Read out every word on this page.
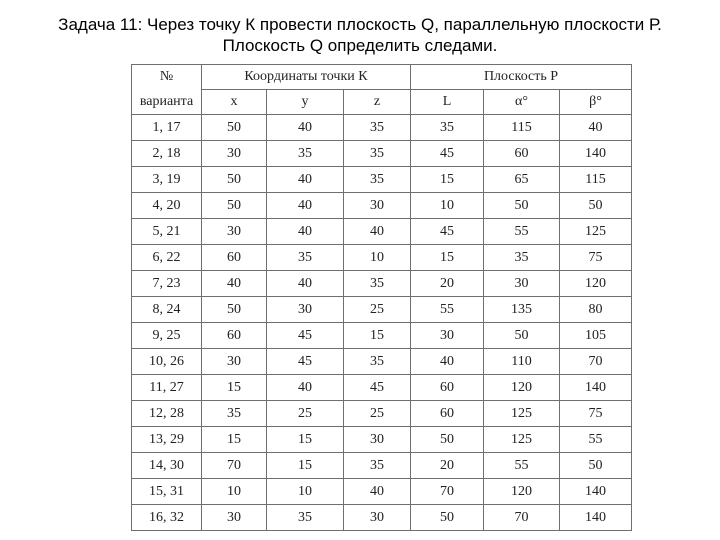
Задача 11: Через точку К провести плоскость Q, параллельную плоскости Р.
Плоскость Q определить следами.
№	Координаты точки К			Плоскость Р		
варианта	x	y	z	L	α°	β°
1, 17	50	40	35	35	115	40
2, 18	30	35	35	45	60	140
3, 19	50	40	35	15	65	115
4, 20	50	40	30	10	50	50
5, 21	30	40	40	45	55	125
6, 22	60	35	10	15	35	75
7, 23	40	40	35	20	30	120
8, 24	50	30	25	55	135	80
9, 25	60	45	15	30	50	105
10, 26	30	45	35	40	110	70
11, 27	15	40	45	60	120	140
12, 28	35	25	25	60	125	75
13, 29	15	15	30	50	125	55
14, 30	70	15	35	20	55	50
15, 31	10	10	40	70	120	140
16, 32	30	35	30	50	70	140
